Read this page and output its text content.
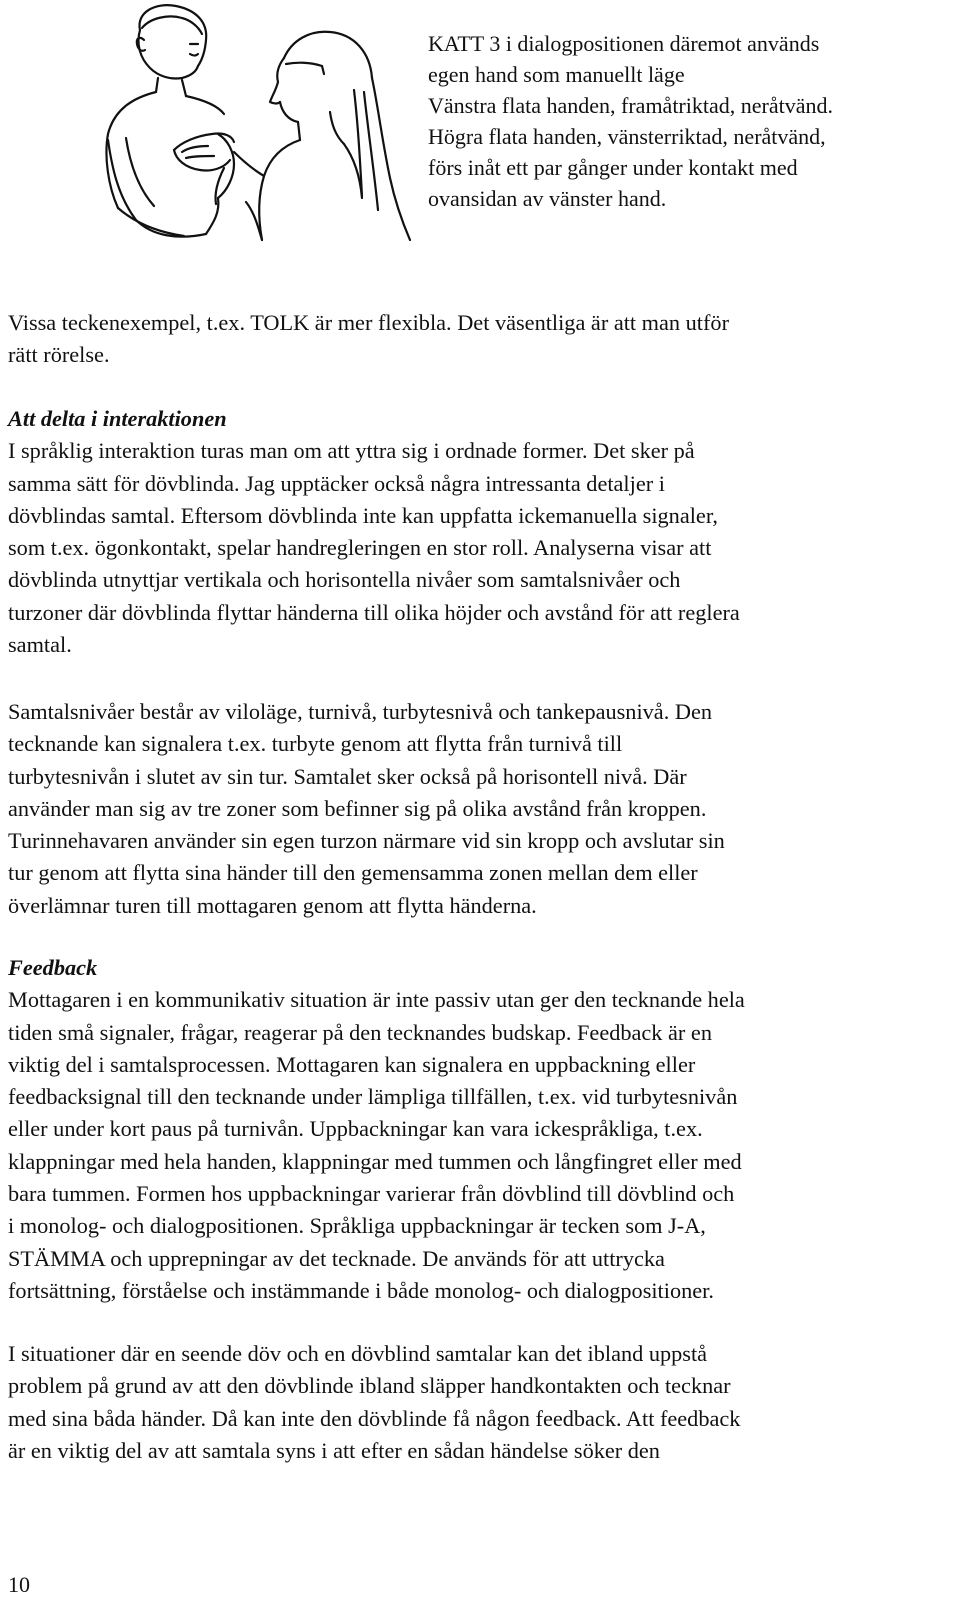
KATT 3 i dialogpositionen däremot används
egen hand som manuellt läge
Vänstra flata handen, framåtriktad, neråtvänd.
Högra flata handen, vänsterriktad, neråtvänd,
förs inåt ett par gånger under kontakt med
ovansidan av vänster hand.
Vissa teckenexempel, t.ex. TOLK är mer flexibla. Det väsentliga är att man utför
rätt rörelse.
Att delta i interaktionen
I språklig interaktion turas man om att yttra sig i ordnade former. Det sker på
samma sätt för dövblinda. Jag upptäcker också några intressanta detaljer i
dövblindas samtal. Eftersom dövblinda inte kan uppfatta ickemanuella signaler,
som t.ex. ögonkontakt, spelar handregleringen en stor roll. Analyserna visar att
dövblinda utnyttjar vertikala och horisontella nivåer som samtalsnivåer och
turzoner där dövblinda flyttar händerna till olika höjder och avstånd för att reglera
samtal.
Samtalsnivåer består av viloläge, turnivå, turbytesnivå och tankepausnivå. Den
tecknande kan signalera t.ex. turbyte genom att flytta från turnivå till
turbytesnivån i slutet av sin tur. Samtalet sker också på horisontell nivå. Där
använder man sig av tre zoner som befinner sig på olika avstånd från kroppen.
Turinnehavaren använder sin egen turzon närmare vid sin kropp och avslutar sin
tur genom att flytta sina händer till den gemensamma zonen mellan dem eller
överlämnar turen till mottagaren genom att flytta händerna.
Feedback
Mottagaren i en kommunikativ situation är inte passiv utan ger den tecknande hela
tiden små signaler, frågar, reagerar på den tecknandes budskap. Feedback är en
viktig del i samtalsprocessen. Mottagaren kan signalera en uppbackning eller
feedbacksignal till den tecknande under lämpliga tillfällen, t.ex. vid turbytesnivån
eller under kort paus på turnivån. Uppbackningar kan vara ickespråkliga, t.ex.
klappningar med hela handen, klappningar med tummen och långfingret eller med
bara tummen. Formen hos uppbackningar varierar från dövblind till dövblind och
i monolog- och dialogpositionen. Språkliga uppbackningar är tecken som J-A,
STÄMMA och upprepningar av det tecknade. De används för att uttrycka
fortsättning, förståelse och instämmande i både monolog- och dialogpositioner.
I situationer där en seende döv och en dövblind samtalar kan det ibland uppstå
problem på grund av att den dövblinde ibland släpper handkontakten och tecknar
med sina båda händer. Då kan inte den dövblinde få någon feedback. Att feedback
är en viktig del av att samtala syns i att efter en sådan händelse söker den
10
